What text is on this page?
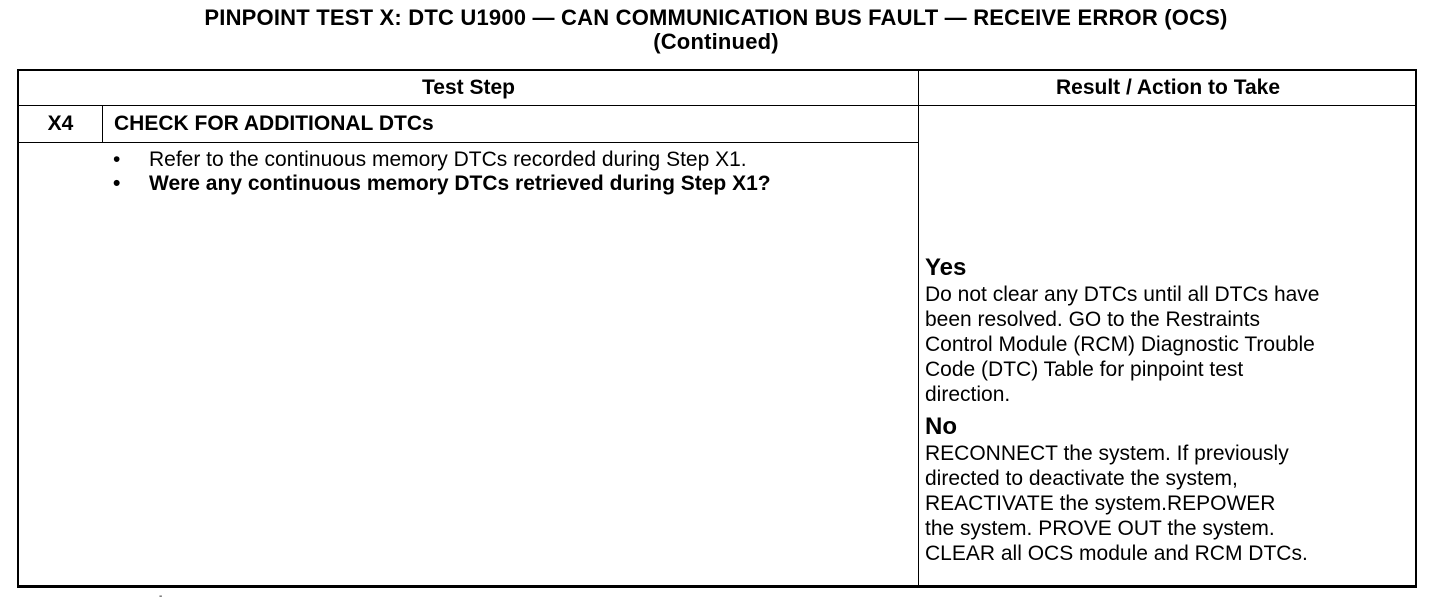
PINPOINT TEST X: DTC U1900 — CAN COMMUNICATION BUS FAULT — RECEIVE ERROR (OCS)
(Continued)
Test Step	Result / Action to Take
X4	CHECK FOR ADDITIONAL DTCs
• Refer to the continuous memory DTCs recorded during Step X1.
• Were any continuous memory DTCs retrieved during Step X1?
Yes
Do not clear any DTCs until all DTCs have
been resolved. GO to the Restraints
Control Module (RCM) Diagnostic Trouble
Code (DTC) Table for pinpoint test
direction.
No
RECONNECT the system. If previously
directed to deactivate the system,
REACTIVATE the system.REPOWER
the system. PROVE OUT the system.
CLEAR all OCS module and RCM DTCs.
-
